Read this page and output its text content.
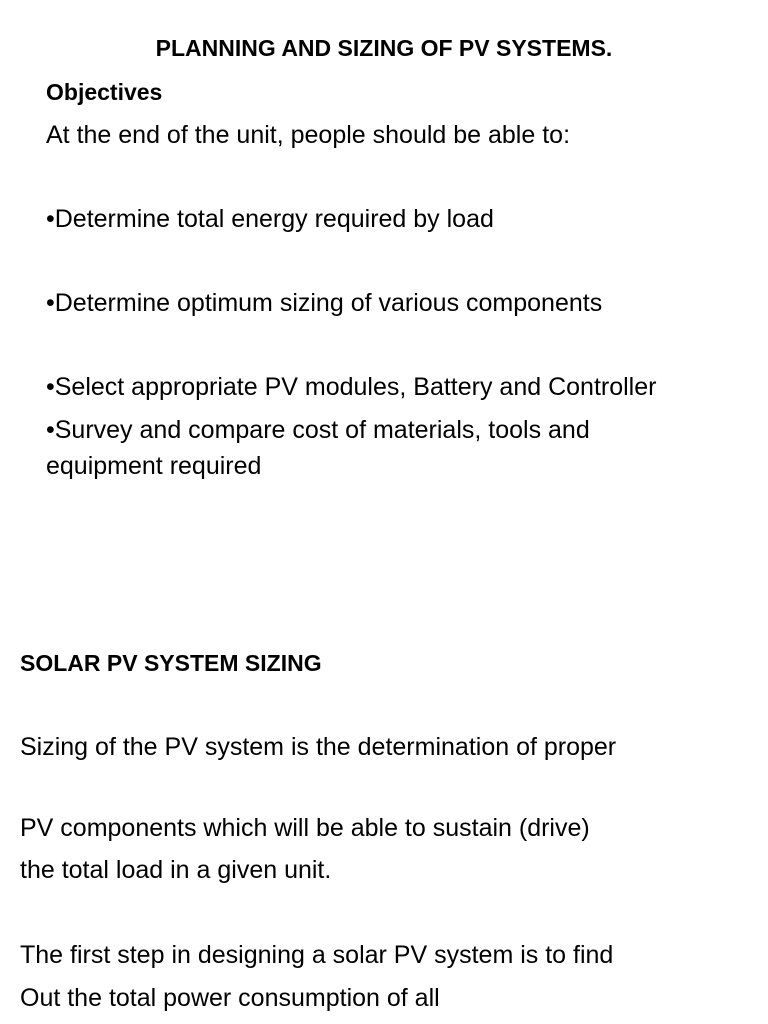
PLANNING AND SIZING OF PV SYSTEMS.
Objectives
At the end of the unit, people should be able to:
•Determine total energy required by load
•Determine optimum sizing of various components
•Select appropriate PV modules, Battery and Controller
•Survey and compare cost of materials, tools and
equipment required
SOLAR PV SYSTEM SIZING
Sizing of the PV system is the determination of proper
PV components which will be able to sustain (drive)
the total load in a given unit.
The first step in designing a solar PV system is to find
Out the total power consumption of all
